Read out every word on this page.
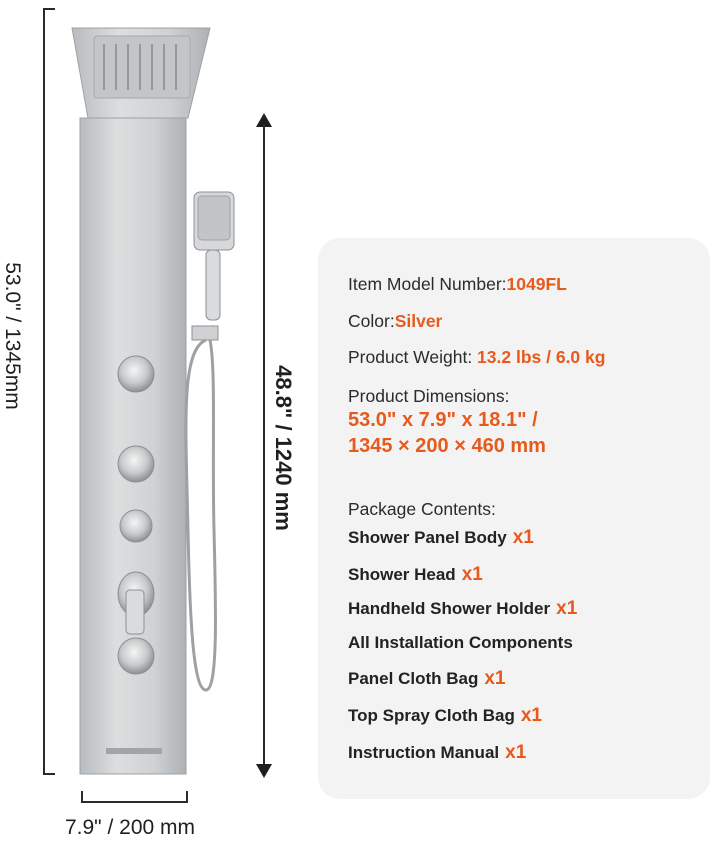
53.0" / 1345mm
7.9" / 200 mm
48.8" / 1240 mm
Item Model Number:1049FL
Color:Silver
Product Weight: 13.2 lbs / 6.0 kg
Product Dimensions:
53.0" x 7.9" x 18.1" /
1345 × 200 × 460 mm
Package Contents:
Shower Panel Body x1
Shower Head x1
Handheld Shower Holder x1
All Installation Components
Panel Cloth Bag x1
Top Spray Cloth Bag x1
Instruction Manual x1
